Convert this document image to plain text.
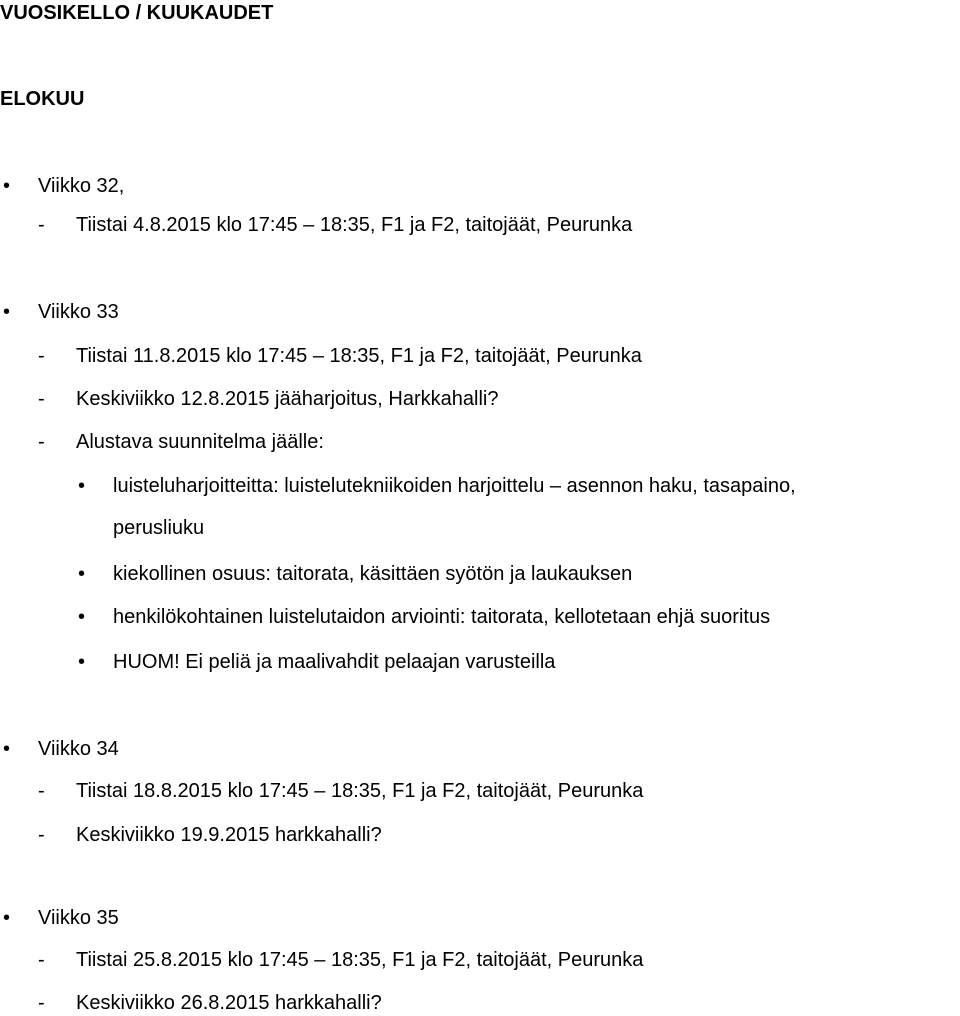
VUOSIKELLO / KUUKAUDET
ELOKUU
•	Viikko 32,
-	Tiistai 4.8.2015 klo 17:45 – 18:35, F1 ja F2, taitojäät, Peurunka
•	Viikko 33
-	Tiistai 11.8.2015 klo 17:45 – 18:35, F1 ja F2, taitojäät, Peurunka
-	Keskiviikko 12.8.2015 jääharjoitus, Harkkahalli?
-	Alustava suunnitelma jäälle:
•	luisteluharjoitteitta: luistelutekniikoiden harjoittelu – asennon haku, tasapaino,
perusliuku
•	kiekollinen osuus: taitorata, käsittäen syötön ja laukauksen
•	henkilökohtainen luistelutaidon arviointi: taitorata, kellotetaan ehjä suoritus
•	HUOM! Ei peliä ja maalivahdit pelaajan varusteilla
•	Viikko 34
-	Tiistai 18.8.2015 klo 17:45 – 18:35, F1 ja F2, taitojäät, Peurunka
-	Keskiviikko 19.9.2015 harkkahalli?
•	Viikko 35
-	Tiistai 25.8.2015 klo 17:45 – 18:35, F1 ja F2, taitojäät, Peurunka
-	Keskiviikko 26.8.2015 harkkahalli?
